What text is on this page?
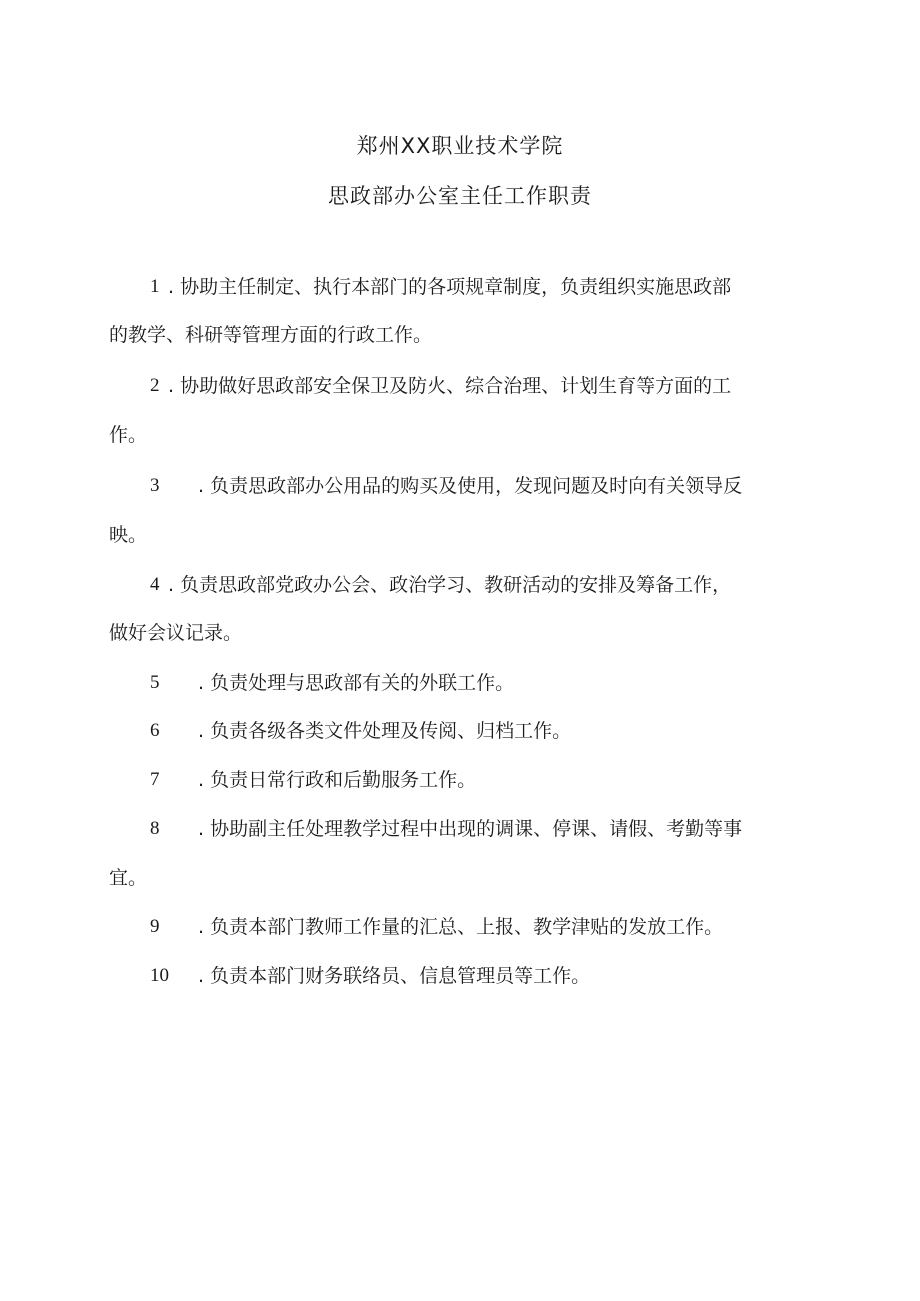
郑州XX职业技术学院
思政部办公室主任工作职责
1 . 协助主任制定、执行本部门的各项规章制度，负责组织实施思政部
的教学、科研等管理方面的行政工作。
2 . 协助做好思政部安全保卫及防火、综合治理、计划生育等方面的工
作。
3 . 负责思政部办公用品的购买及使用，发现问题及时向有关领导反
映。
4 . 负责思政部党政办公会、政治学习、教研活动的安排及筹备工作，
做好会议记录。
5 . 负责处理与思政部有关的外联工作。
6 . 负责各级各类文件处理及传阅、归档工作。
7 . 负责日常行政和后勤服务工作。
8 . 协助副主任处理教学过程中出现的调课、停课、请假、考勤等事
宜。
9 . 负责本部门教师工作量的汇总、上报、教学津贴的发放工作。
10 . 负责本部门财务联络员、信息管理员等工作。
